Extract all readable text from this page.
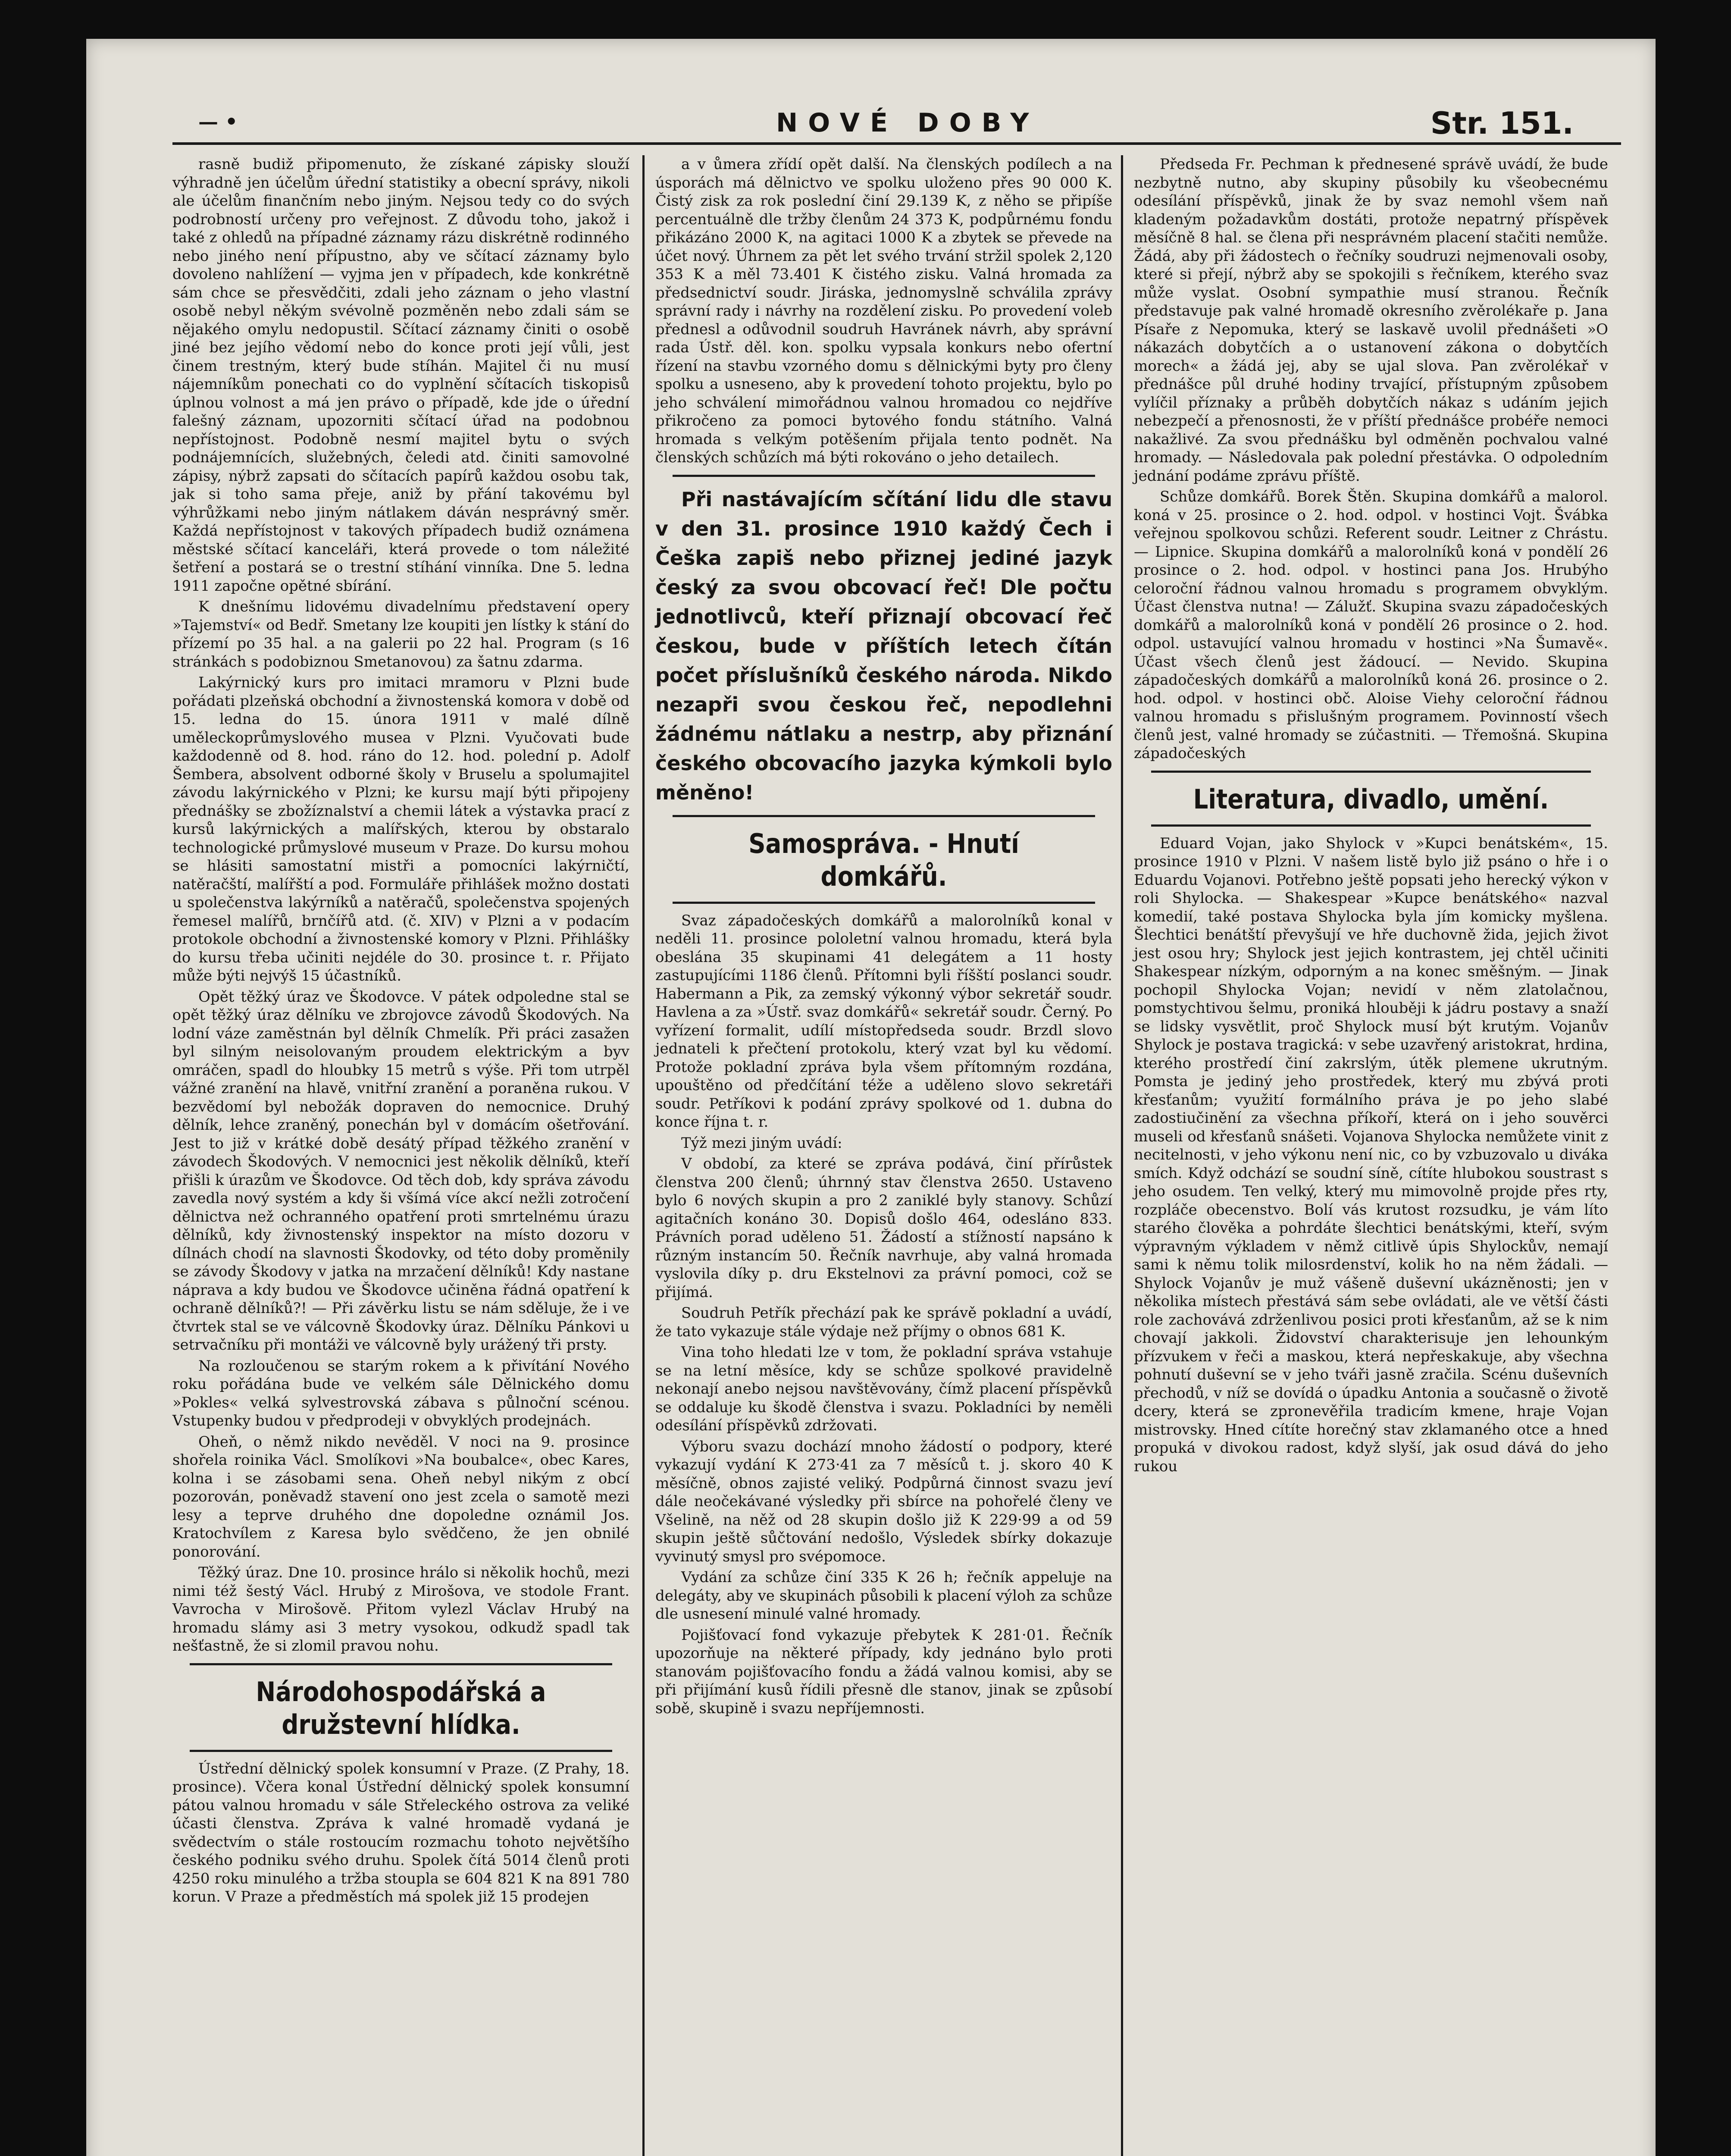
— •	NOVÉ DOBY	Str. 151.

rasně budiž připomenuto, že získané zápisky slouží výhradně jen účelům úřední statistiky a obecní správy, nikoli ale účelům finančním nebo jiným. Nejsou tedy co do svých podrobností určeny pro veřejnost. Z důvodu toho, jakož i také z ohledů na případné záznamy rázu diskrétně rodinného nebo jiného není přípustno, aby ve sčítací záznamy bylo dovoleno nahlížení — vyjma jen v případech, kde konkrétně sám chce se přesvědčiti, zdali jeho záznam o jeho vlastní osobě nebyl někým svévolně pozměněn nebo zdali sám se nějakého omylu nedopustil. Sčítací záznamy činiti o osobě jiné bez jejího vědomí nebo do konce proti její vůli, jest činem trestným, který bude stíhán. Majitel či nu musí nájemníkům ponechati co do vyplnění sčítacích tiskopisů úplnou volnost a má jen právo o případě, kde jde o úřední falešný záznam, upozorniti sčítací úřad na podobnou nepřístojnost. Podobně nesmí majitel bytu o svých podnájemnících, služebných, čeledi atd. činiti samovolné zápisy, nýbrž zapsati do sčítacích papírů každou osobu tak, jak si toho sama přeje, aniž by přání takovému byl výhrůžkami nebo jiným nátlakem dáván nesprávný směr. Každá nepřístojnost v takových případech budiž oznámena městské sčítací kanceláři, která provede o tom náležité šetření a postará se o trestní stíhání vinníka. Dne 5. ledna 1911 započne opětné sbírání.

K dnešnímu lidovému divadelnímu představení opery »Tajemství« od Bedř. Smetany lze koupiti jen lístky k stání do přízemí po 35 hal. a na galerii po 22 hal. Program (s 16 stránkách s podobiznou Smetanovou) za šatnu zdarma.

Lakýrnický kurs pro imitaci mramoru v Plzni bude pořádati plzeňská obchodní a živnostenská komora v době od 15. ledna do 15. února 1911 v malé dílně uměleckoprůmyslového musea v Plzni. Vyučovati bude každodenně od 8. hod. ráno do 12. hod. polední p. Adolf Šembera, absolvent odborné školy v Bruselu a spolumajitel závodu lakýrnického v Plzni; ke kursu mají býti připojeny přednášky se zbožíznalství a chemii látek a výstavka prací z kursů lakýrnických a malířských, kterou by obstaralo technologické průmyslové museum v Praze. Do kursu mohou se hlásiti samostatní mistři a pomocníci lakýrničtí, natěračští, malířští a pod. Formuláře přihlášek možno dostati u společenstva lakýrníků a natěračů, společenstva spojených řemesel malířů, brnčířů atd. (č. XIV) v Plzni a v podacím protokole obchodní a živnostenské komory v Plzni. Přihlášky do kursu třeba učiniti nejdéle do 30. prosince t. r. Přijato může býti nejvýš 15 účastníků.

Opět těžký úraz ve Škodovce. V pátek odpoledne stal se opět těžký úraz dělníku ve zbrojovce závodů Škodových. Na lodní váze zaměstnán byl dělník Chmelík. Při práci zasažen byl silným neisolovaným proudem elektrickým a byv omráčen, spadl do hloubky 15 metrů s výše. Při tom utrpěl vážné zranění na hlavě, vnitřní zranění a poraněna rukou. V bezvědomí byl nebožák dopraven do nemocnice. Druhý dělník, lehce zraněný, ponechán byl v domácím ošetřování. Jest to již v krátké době desátý případ těžkého zranění v závodech Škodových. V nemocnici jest několik dělníků, kteří přišli k úrazům ve Škodovce. Od těch dob, kdy správa závodu zavedla nový systém a kdy ši všímá více akcí nežli zotročení dělnictva než ochranného opatření proti smrtelnému úrazu dělníků, kdy živnostenský inspektor na místo dozoru v dílnách chodí na slavnosti Škodovky, od této doby proměnily se závody Škodovy v jatka na mrzačení dělníků! Kdy nastane náprava a kdy budou ve Škodovce učiněna řádná opatření k ochraně dělníků?! — Při závěrku listu se nám sděluje, že i ve čtvrtek stal se ve válcovně Škodovky úraz. Dělníku Pánkovi u setrvačníku při montáži ve válcovně byly urážený tři prsty.

Na rozloučenou se starým rokem a k přivítání Nového roku pořádána bude ve velkém sále Dělnického domu »Pokles« velká sylvestrovská zábava s půlnoční scénou. Vstupenky budou v předprodeji v obvyklých prodejnách.

Oheň, o němž nikdo nevěděl. V noci na 9. prosince shořela roinika Václ. Smolíkovi »Na boubalce«, obec Kares, kolna i se zásobami sena. Oheň nebyl nikým z obcí pozorován, poněvadž stavení ono jest zcela o samotě mezi lesy a teprve druhého dne dopoledne oznámil Jos. Kratochvílem z Karesa bylo svědčeno, že jen obnilé ponorování.

Těžký úraz. Dne 10. prosince hrálo si několik hochů, mezi nimi též šestý Václ. Hrubý z Mirošova, ve stodole Frant. Vavrocha v Mirošově. Přitom vylezl Václav Hrubý na hromadu slámy asi 3 metry vysokou, odkudž spadl tak nešťastně, že si zlomil pravou nohu.

Národohospodářská a družstevní hlídka.

Ústřední dělnický spolek konsumní v Praze. (Z Prahy, 18. prosince). Včera konal Ústřední dělnický spolek konsumní pátou valnou hromadu v sále Střeleckého ostrova za veliké účasti členstva. Zpráva k valné hromadě vydaná je svědectvím o stále rostoucím rozmachu tohoto největšího českého podniku svého druhu. Spolek čítá 5014 členů proti 4250 roku minulého a tržba stoupla se 604 821 K na 891 780 korun. V Praze a předměstích má spolek již 15 prodejen

a v ůmera zřídí opět další. Na členských podílech a na úsporách má dělnictvo ve spolku uloženo přes 90 000 K. Čistý zisk za rok poslední činí 29.139 K, z něho se připíše percentuálně dle tržby členům 24 373 K, podpůrnému fondu přikázáno 2000 K, na agitaci 1000 K a zbytek se převede na účet nový. Úhrnem za pět let svého trvání stržil spolek 2,120 353 K a měl 73.401 K čistého zisku. Valná hromada za předsednictví soudr. Jiráska, jednomyslně schválila zprávy správní rady i návrhy na rozdělení zisku. Po provedení voleb přednesl a odůvodnil soudruh Havránek návrh, aby správní rada Ústř. děl. kon. spolku vypsala konkurs nebo ofertní řízení na stavbu vzorného domu s dělnickými byty pro členy spolku a usneseno, aby k provedení tohoto projektu, bylo po jeho schválení mimořádnou valnou hromadou co nejdříve přikročeno za pomoci bytového fondu státního. Valná hromada s velkým potěšením přijala tento podnět. Na členských schůzích má býti rokováno o jeho detailech.

Při nastávajícím sčítání lidu dle stavu v den 31. prosince 1910 každý Čech i Češka zapiš nebo přiznej jediné jazyk český za svou obcovací řeč! Dle počtu jednotlivců, kteří přiznají obcovací řeč českou, bude v příštích letech čítán počet příslušníků českého národa. Nikdo nezapři svou českou řeč, nepodlehni žádnému nátlaku a nestrp, aby přiznání českého obcovacího jazyka kýmkoli bylo měněno!

Samospráva. - Hnutí domkářů.

Svaz západočeských domkářů a malorolníků konal v neděli 11. prosince pololetní valnou hromadu, která byla obeslána 35 skupinami 41 delegátem a 11 hosty zastupujícími 1186 členů. Přítomni byli říšští poslanci soudr. Habermann a Pik, za zemský výkonný výbor sekretář soudr. Havlena a za »Ústř. svaz domkářů« sekretář soudr. Černý. Po vyřízení formalit, udílí místopředseda soudr. Brzdl slovo jednateli k přečtení protokolu, který vzat byl ku vědomí. Protože pokladní zpráva byla všem přítomným rozdána, upouštěno od předčítání téže a uděleno slovo sekretáři soudr. Petříkovi k podání zprávy spolkové od 1. dubna do konce října t. r.

Týž mezi jiným uvádí:

V období, za které se zpráva podává, činí přírůstek členstva 200 členů; úhrnný stav členstva 2650. Ustaveno bylo 6 nových skupin a pro 2 zaniklé byly stanovy. Schůzí agitačních konáno 30. Dopisů došlo 464, odesláno 833. Právních porad uděleno 51. Žádostí a stížností napsáno k různým instancím 50. Řečník navrhuje, aby valná hromada vyslovila díky p. dru Ekstelnovi za právní pomoci, což se přijímá.

Soudruh Petřík přechází pak ke správě pokladní a uvádí, že tato vykazuje stále výdaje než příjmy o obnos 681 K.

Vina toho hledati lze v tom, že pokladní správa vstahuje se na letní měsíce, kdy se schůze spolkové pravidelně nekonají anebo nejsou navštěvovány, čímž placení příspěvků se oddaluje ku škodě členstva i svazu. Pokladníci by neměli odesílání příspěvků zdržovati.

Výboru svazu dochází mnoho žádostí o podpory, které vykazují vydání K 273·41 za 7 měsíců t. j. skoro 40 K měsíčně, obnos zajisté veliký. Podpůrná činnost svazu jeví dále neočekávané výsledky při sbírce na pohořelé členy ve Všelině, na něž od 28 skupin došlo již K 229·99 a od 59 skupin ještě sůčtování nedošlo, Výsledek sbírky dokazuje vyvinutý smysl pro svépomoce.

Vydání za schůze činí 335 K 26 h; řečník appeluje na delegáty, aby ve skupinách působili k placení výloh za schůze dle usnesení minulé valné hromady.

Pojišťovací fond vykazuje přebytek K 281·01. Řečník upozorňuje na některé případy, kdy jednáno bylo proti stanovám pojišťovacího fondu a žádá valnou komisi, aby se při přijímání kusů řídili přesně dle stanov, jinak se způsobí sobě, skupině i svazu nepříjemnosti.

Předseda Fr. Pechman k přednesené správě uvádí, že bude nezbytně nutno, aby skupiny působily ku všeobecnému odesílání příspěvků, jinak že by svaz nemohl všem naň kladeným požadavkům dostáti, protože nepatrný příspěvek měsíčně 8 hal. se člena při nesprávném placení stačiti nemůže. Žádá, aby při žádostech o řečníky soudruzi nejmenovali osoby, které si přejí, nýbrž aby se spokojili s řečníkem, kterého svaz může vyslat. Osobní sympathie musí stranou. Řečník představuje pak valné hromadě okresního zvěrolékaře p. Jana Písaře z Nepomuka, který se laskavě uvolil přednášeti »O nákazách dobytčích a o ustanovení zákona o dobytčích morech« a žádá jej, aby se ujal slova. Pan zvěrolékař v přednášce půl druhé hodiny trvající, přístupným způsobem vylíčil příznaky a průběh dobytčích nákaz s udáním jejich nebezpečí a přenosnosti, že v příští přednášce probéře nemoci nakažlivé. Za svou přednášku byl odměněn pochvalou valné hromady. — Následovala pak polední přestávka. O odpoledním jednání podáme zprávu příště.

Schůze domkářů. Borek Štěn. Skupina domkářů a malorol. koná v 25. prosince o 2. hod. odpol. v hostinci Vojt. Švábka veřejnou spolkovou schůzi. Referent soudr. Leitner z Chrástu. — Lipnice. Skupina domkářů a malorolníků koná v pondělí 26 prosince o 2. hod. odpol. v hostinci pana Jos. Hrubýho celoroční řádnou valnou hromadu s programem obvyklým. Účast členstva nutna! — Zálužť. Skupina svazu západočeských domkářů a malorolníků koná v pondělí 26 prosince o 2. hod. odpol. ustavující valnou hromadu v hostinci »Na Šumavě«. Účast všech členů jest žádoucí. — Nevido. Skupina západočeských domkářů a malorolníků koná 26. prosince o 2. hod. odpol. v hostinci obč. Aloise Viehy celoroční řádnou valnou hromadu s přislušným programem. Povinností všech členů jest, valné hromady se zúčastniti. — Třemošná. Skupina západočeských

Literatura, divadlo, umění.

Eduard Vojan, jako Shylock v »Kupci benátském«, 15. prosince 1910 v Plzni. V našem listě bylo již psáno o hře i o Eduardu Vojanovi. Potřebno ještě popsati jeho herecký výkon v roli Shylocka. — Shakespear »Kupce benátského« nazval komedií, také postava Shylocka byla jím komicky myšlena. Šlechtici benátští převyšují ve hře duchovně žida, jejich život jest osou hry; Shylock jest jejich kontrastem, jej chtěl učiniti Shakespear nízkým, odporným a na konec směšným. — Jinak pochopil Shylocka Vojan; nevidí v něm zlatolačnou, pomstychtivou šelmu, proniká hlouběji k jádru postavy a snaží se lidsky vysvětlit, proč Shylock musí být krutým. Vojanův Shylock je postava tragická: v sebe uzavřený aristokrat, hrdina, kterého prostředí činí zakrslým, útěk plemene ukrutným. Pomsta je jediný jeho prostředek, který mu zbývá proti křesťanům; využití formálního práva je po jeho slabé zadostiučinění za všechna příkoří, která on i jeho souvěrci museli od křesťanů snášeti. Vojanova Shylocka nemůžete vinit z necitelnosti, v jeho výkonu není nic, co by vzbuzovalo u diváka smích. Když odchází se soudní síně, cítíte hlubokou soustrast s jeho osudem. Ten velký, který mu mimovolně projde přes rty, rozpláče obecenstvo. Bolí vás krutost rozsudku, je vám líto starého člověka a pohrdáte šlechtici benátskými, kteří, svým výpravným výkladem v němž citlivě úpis Shylockův, nemají sami k němu tolik milosrdenství, kolik ho na něm žádali. — Shylock Vojanův je muž vášeně duševní ukázněnosti; jen v několika místech přestává sám sebe ovládati, ale ve větší části role zachovává zdrženlivou posici proti křesťanům, až se k nim chovají jakkoli. Židovství charakterisuje jen lehounkým přízvukem v řeči a maskou, která nepřeskakuje, aby všechna pohnutí duševní se v jeho tváři jasně zračila. Scénu duševních přechodů, v níž se dovídá o úpadku Antonia a současně o životě dcery, která se zpronevěřila tradicím kmene, hraje Vojan mistrovsky. Hned cítíte horečný stav zklamaného otce a hned propuká v divokou radost, když slyší, jak osud dává do jeho rukou
